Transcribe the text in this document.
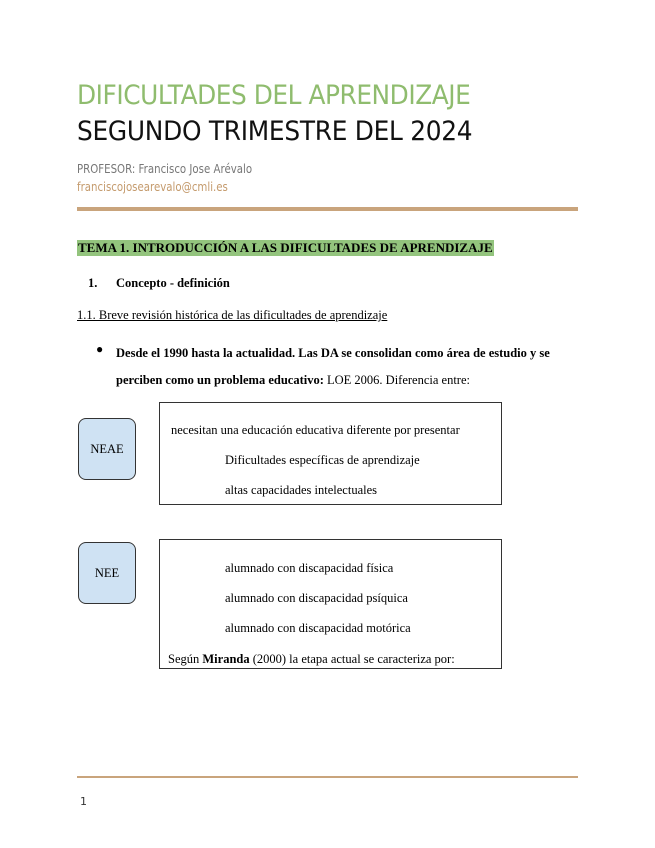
DIFICULTADES DEL APRENDIZAJE
SEGUNDO TRIMESTRE DEL 2024
PROFESOR: Francisco Jose Arévalo
franciscojosearevalo@cmli.es
TEMA 1. INTRODUCCIÓN A LAS DIFICULTADES DE APRENDIZAJE
1. Concepto - definición
1.1. Breve revisión histórica de las dificultades de aprendizaje
● Desde el 1990 hasta la actualidad. Las DA se consolidan como área de estudio y se perciben como un problema educativo: LOE 2006. Diferencia entre:
NEAE

necesitan una educación educativa diferente por presentar

Dificultades específicas de aprendizaje

altas capacidades intelectuales

NEE	alumnado con discapacidad física

alumnado con discapacidad psíquica

alumnado con discapacidad motórica

Según Miranda (2000) la etapa actual se caracteriza por:

1
